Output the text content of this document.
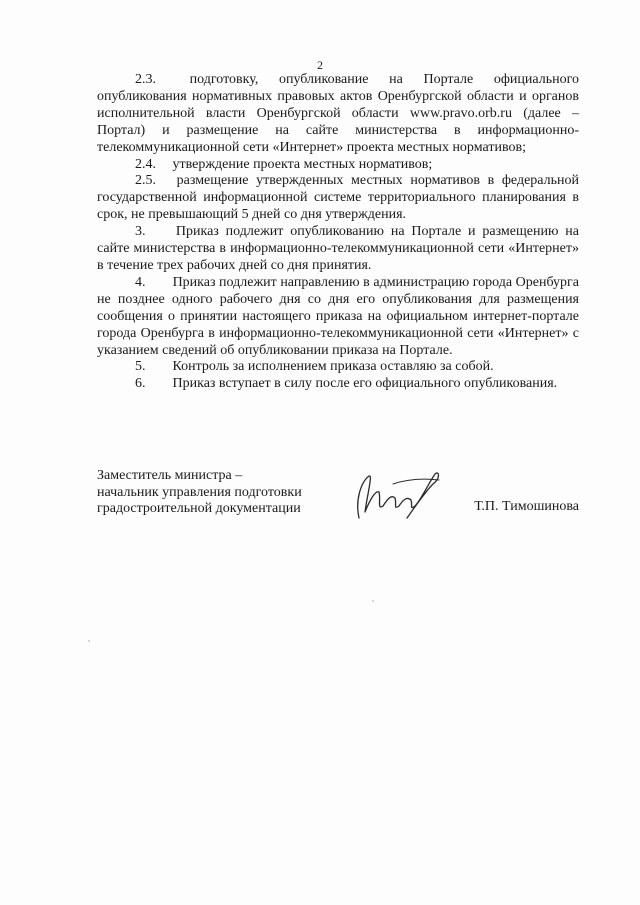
2

2.3. подготовку, опубликование на Портале официального опубликования нормативных правовых актов Оренбургской области и органов исполнительной власти Оренбургской области www.pravo.orb.ru (далее – Портал) и размещение на сайте министерства в информационно-телекоммуникационной сети «Интернет» проекта местных нормативов;

2.4. утверждение проекта местных нормативов;

2.5. размещение утвержденных местных нормативов в федеральной государственной информационной системе территориального планирования в срок, не превышающий 5 дней со дня утверждения.

3. Приказ подлежит опубликованию на Портале и размещению на сайте министерства в информационно-телекоммуникационной сети «Интернет» в течение трех рабочих дней со дня принятия.

4. Приказ подлежит направлению в администрацию города Оренбурга не позднее одного рабочего дня со дня его опубликования для размещения сообщения о принятии настоящего приказа на официальном интернет-портале города Оренбурга в информационно-телекоммуникационной сети «Интернет» с указанием сведений об опубликовании приказа на Портале.

5. Контроль за исполнением приказа оставляю за собой.

6. Приказ вступает в силу после его официального опубликования.

Заместитель министра –
начальник управления подготовки
градостроительной документации	Т.П. Тимошинова
